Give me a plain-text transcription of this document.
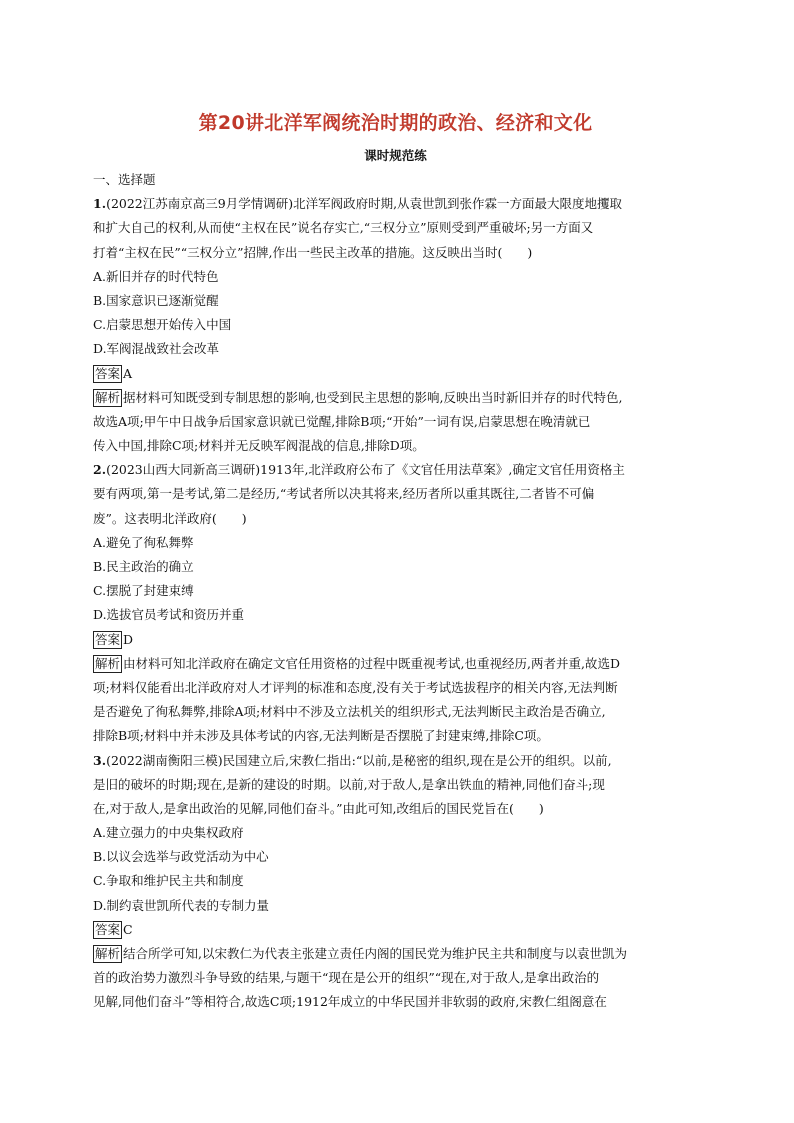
第20讲北洋军阀统治时期的政治、经济和文化
课时规范练
一、选择题
1.(2022江苏南京高三9月学情调研)北洋军阀政府时期,从袁世凯到张作霖一方面最大限度地攫取
和扩大自己的权利,从而使“主权在民”说名存实亡,“三权分立”原则受到严重破坏;另一方面又
打着“主权在民”“三权分立”招牌,作出一些民主改革的措施。这反映出当时(　　)
A.新旧并存的时代特色
B.国家意识已逐渐觉醒
C.启蒙思想开始传入中国
D.军阀混战致社会改革
答案 A
解析 据材料可知既受到专制思想的影响,也受到民主思想的影响,反映出当时新旧并存的时代特色,
故选A项;甲午中日战争后国家意识就已觉醒,排除B项;“开始”一词有误,启蒙思想在晚清就已
传入中国,排除C项;材料并无反映军阀混战的信息,排除D项。
2.(2023山西大同新高三调研)1913年,北洋政府公布了《文官任用法草案》,确定文官任用资格主
要有两项,第一是考试,第二是经历,“考试者所以决其将来,经历者所以重其既往,二者皆不可偏
废”。这表明北洋政府(　　)
A.避免了徇私舞弊
B.民主政治的确立
C.摆脱了封建束缚
D.选拔官员考试和资历并重
答案 D
解析 由材料可知北洋政府在确定文官任用资格的过程中既重视考试,也重视经历,两者并重,故选D
项;材料仅能看出北洋政府对人才评判的标准和态度,没有关于考试选拔程序的相关内容,无法判断
是否避免了徇私舞弊,排除A项;材料中不涉及立法机关的组织形式,无法判断民主政治是否确立,
排除B项;材料中并未涉及具体考试的内容,无法判断是否摆脱了封建束缚,排除C项。
3.(2022湖南衡阳三模)民国建立后,宋教仁指出:“以前,是秘密的组织,现在是公开的组织。以前,
是旧的破坏的时期;现在,是新的建设的时期。以前,对于敌人,是拿出铁血的精神,同他们奋斗;现
在,对于敌人,是拿出政治的见解,同他们奋斗。”由此可知,改组后的国民党旨在(　　)
A.建立强力的中央集权政府
B.以议会选举与政党活动为中心
C.争取和维护民主共和制度
D.制约袁世凯所代表的专制力量
答案 C
解析 结合所学可知,以宋教仁为代表主张建立责任内阁的国民党为维护民主共和制度与以袁世凯为
首的政治势力激烈斗争导致的结果,与题干“现在是公开的组织”“现在,对于敌人,是拿出政治的
见解,同他们奋斗”等相符合,故选C项;1912年成立的中华民国并非软弱的政府,宋教仁组阁意在
